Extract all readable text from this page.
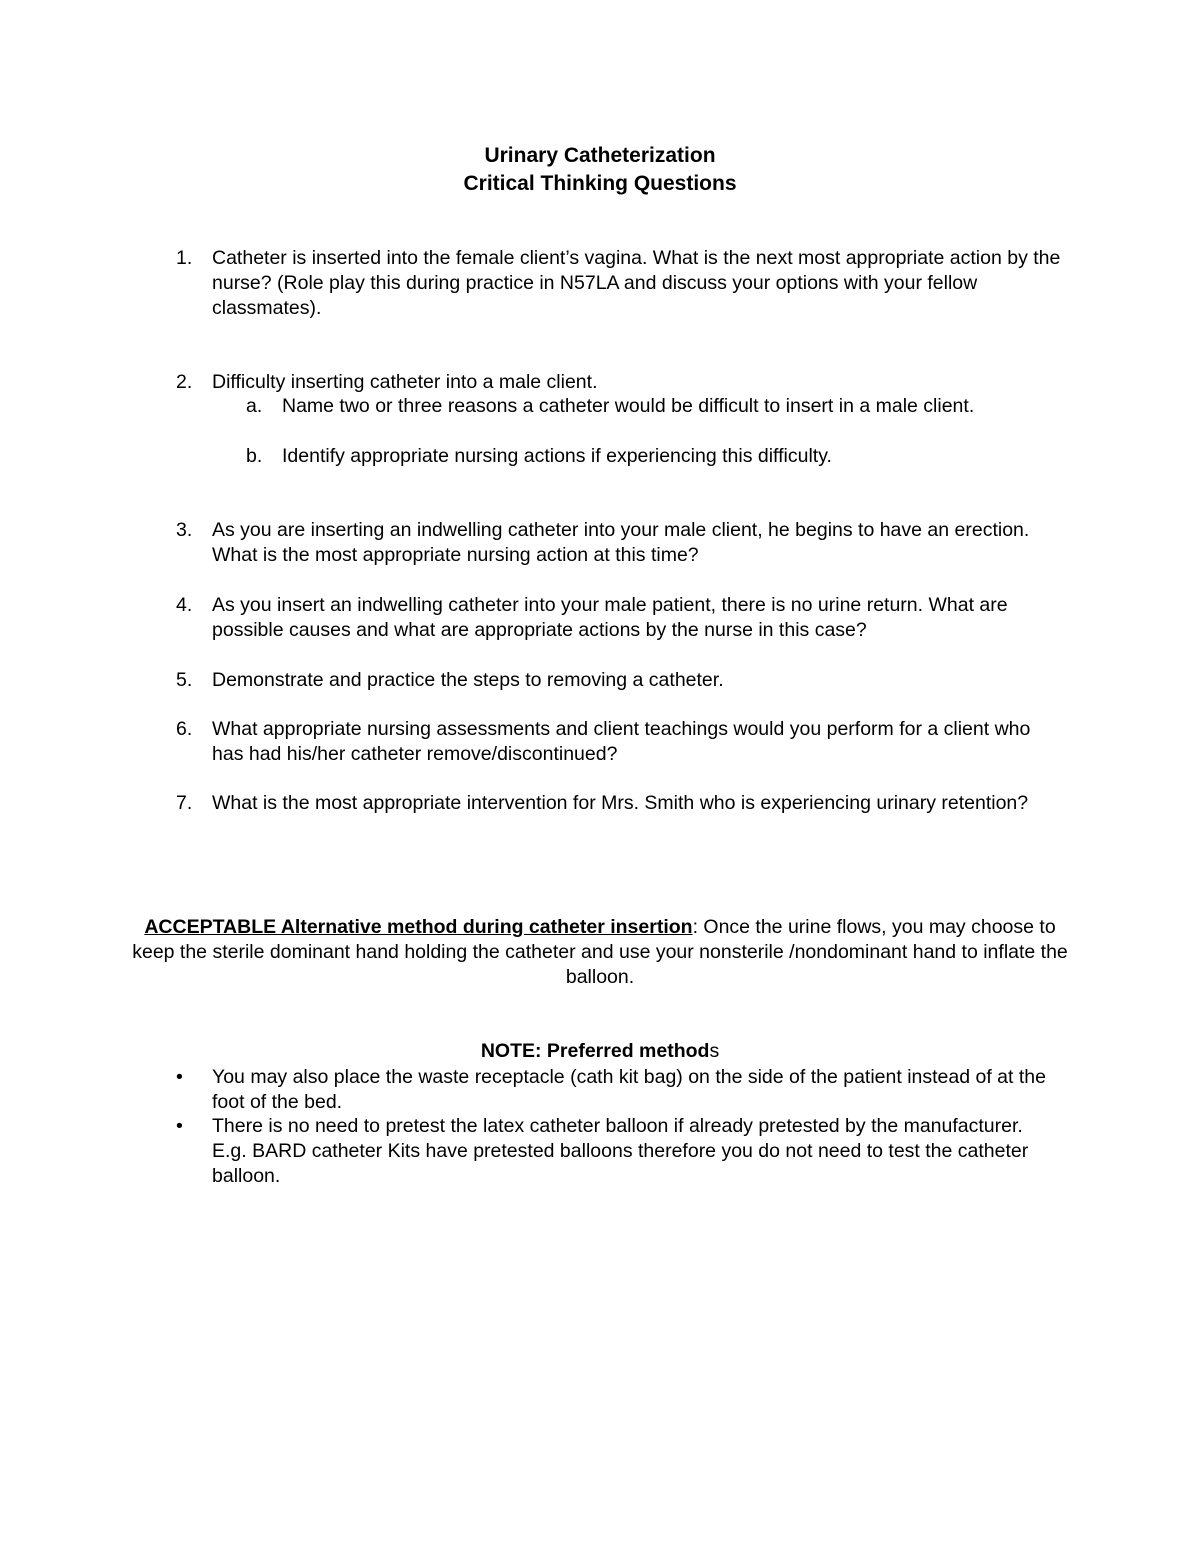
Urinary Catheterization
Critical Thinking Questions
1.	Catheter is inserted into the female client’s vagina. What is the next most appropriate action by the nurse? (Role play this during practice in N57LA and discuss your options with your fellow classmates).
2.	Difficulty inserting catheter into a male client.
a.	Name two or three reasons a catheter would be difficult to insert in a male client.
b.	Identify appropriate nursing actions if experiencing this difficulty.
3.	As you are inserting an indwelling catheter into your male client, he begins to have an erection. What is the most appropriate nursing action at this time?
4.	As you insert an indwelling catheter into your male patient, there is no urine return. What are possible causes and what are appropriate actions by the nurse in this case?
5.	Demonstrate and practice the steps to removing a catheter.
6.	What appropriate nursing assessments and client teachings would you perform for a client who has had his/her catheter remove/discontinued?
7.	What is the most appropriate intervention for Mrs. Smith who is experiencing urinary retention?
ACCEPTABLE Alternative method during catheter insertion: Once the urine flows, you may choose to keep the sterile dominant hand holding the catheter and use your nonsterile /nondominant hand to inflate the balloon.
NOTE: Preferred methods
•	You may also place the waste receptacle (cath kit bag) on the side of the patient instead of at the foot of the bed.
•	There is no need to pretest the latex catheter balloon if already pretested by the manufacturer. E.g. BARD catheter Kits have pretested balloons therefore you do not need to test the catheter balloon.
